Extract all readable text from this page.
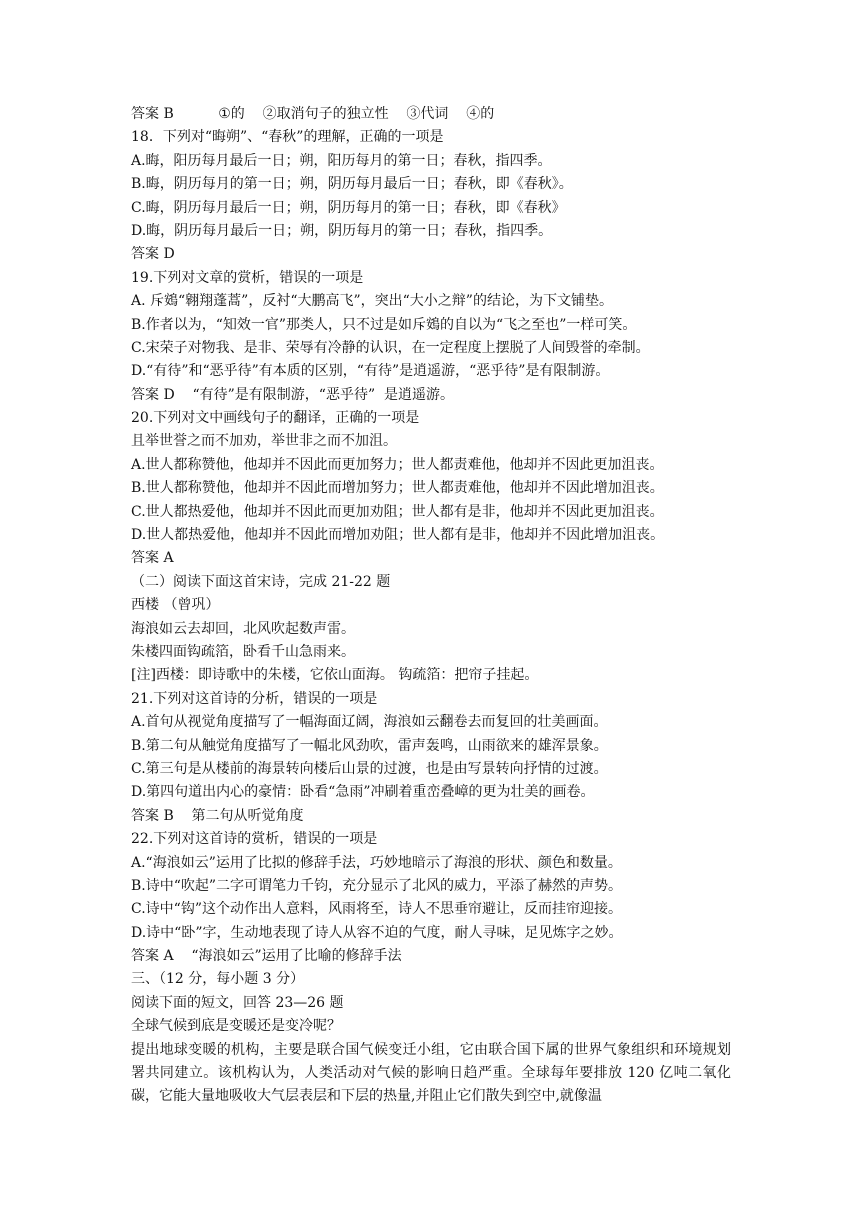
答案 B          ①的    ②取消句子的独立性    ③代词    ④的
18．下列对“晦朔”、“春秋”的理解，正确的一项是
A.晦，阳历每月最后一日；朔，阳历每月的第一日；春秋，指四季。
B.晦，阴历每月的第一日；朔，阴历每月最后一日；春秋，即《春秋》。
C.晦，阴历每月最后一日；朔，阴历每月的第一日；春秋，即《春秋》
D.晦，阴历每月最后一日；朔，阴历每月的第一日；春秋，指四季。
答案 D
19.下列对文章的赏析，错误的一项是
A. 斥鴳“翱翔蓬蒿”，反衬“大鹏高飞”，突出“大小之辩”的结论，为下文铺垫。
B.作者以为，“知效一官”那类人，只不过是如斥鴳的自以为“飞之至也”一样可笑。
C.宋荣子对物我、是非、荣辱有冷静的认识，在一定程度上摆脱了人间毁誉的牵制。
D.“有待”和“恶乎待”有本质的区别，“有待”是逍遥游，“恶乎待”是有限制游。
答案 D    “有待”是有限制游，“恶乎待”  是逍遥游。
20.下列对文中画线句子的翻译，正确的一项是
且举世誉之而不加劝，举世非之而不加沮。
A.世人都称赞他，他却并不因此而更加努力；世人都责难他，他却并不因此更加沮丧。
B.世人都称赞他，他却并不因此而增加努力；世人都责难他，他却并不因此增加沮丧。
C.世人都热爱他，他却并不因此而更加劝阻；世人都有是非，他却并不因此更加沮丧。
D.世人都热爱他，他却并不因此而增加劝阻；世人都有是非，他却并不因此增加沮丧。
答案 A
（二）阅读下面这首宋诗，完成 21-22 题
西楼 （曾巩）
海浪如云去却回，北风吹起数声雷。
朱楼四面钩疏箔，卧看千山急雨来。
[注]西楼：即诗歌中的朱楼，它依山面海。 钩疏箔：把帘子挂起。
21.下列对这首诗的分析，错误的一项是
A.首句从视觉角度描写了一幅海面辽阔，海浪如云翻卷去而复回的壮美画面。
B.第二句从触觉角度描写了一幅北风劲吹，雷声轰鸣，山雨欲来的雄浑景象。
C.第三句是从楼前的海景转向楼后山景的过渡，也是由写景转向抒情的过渡。
D.第四句道出内心的豪情：卧看“急雨”冲刷着重峦叠嶂的更为壮美的画卷。
答案 B    第二句从听觉角度
22.下列对这首诗的赏析，错误的一项是
A.“海浪如云”运用了比拟的修辞手法，巧妙地暗示了海浪的形状、颜色和数量。
B.诗中“吹起”二字可谓笔力千钧，充分显示了北风的威力，平添了赫然的声势。
C.诗中“钩”这个动作出人意料，风雨将至，诗人不思垂帘避让，反而挂帘迎接。
D.诗中“卧”字，生动地表现了诗人从容不迫的气度，耐人寻味，足见炼字之妙。
答案 A    “海浪如云”运用了比喻的修辞手法
三、（12 分，每小题 3 分）
阅读下面的短文，回答 23—26 题
全球气候到底是变暖还是变冷呢？
提出地球变暖的机构，主要是联合国气候变迁小组，它由联合国下属的世界气象组织和环境规划署共同建立。该机构认为，人类活动对气候的影响日趋严重。全球每年要排放 120 亿吨二氧化碳，它能大量地吸收大气层表层和下层的热量,并阻止它们散失到空中,就像温
